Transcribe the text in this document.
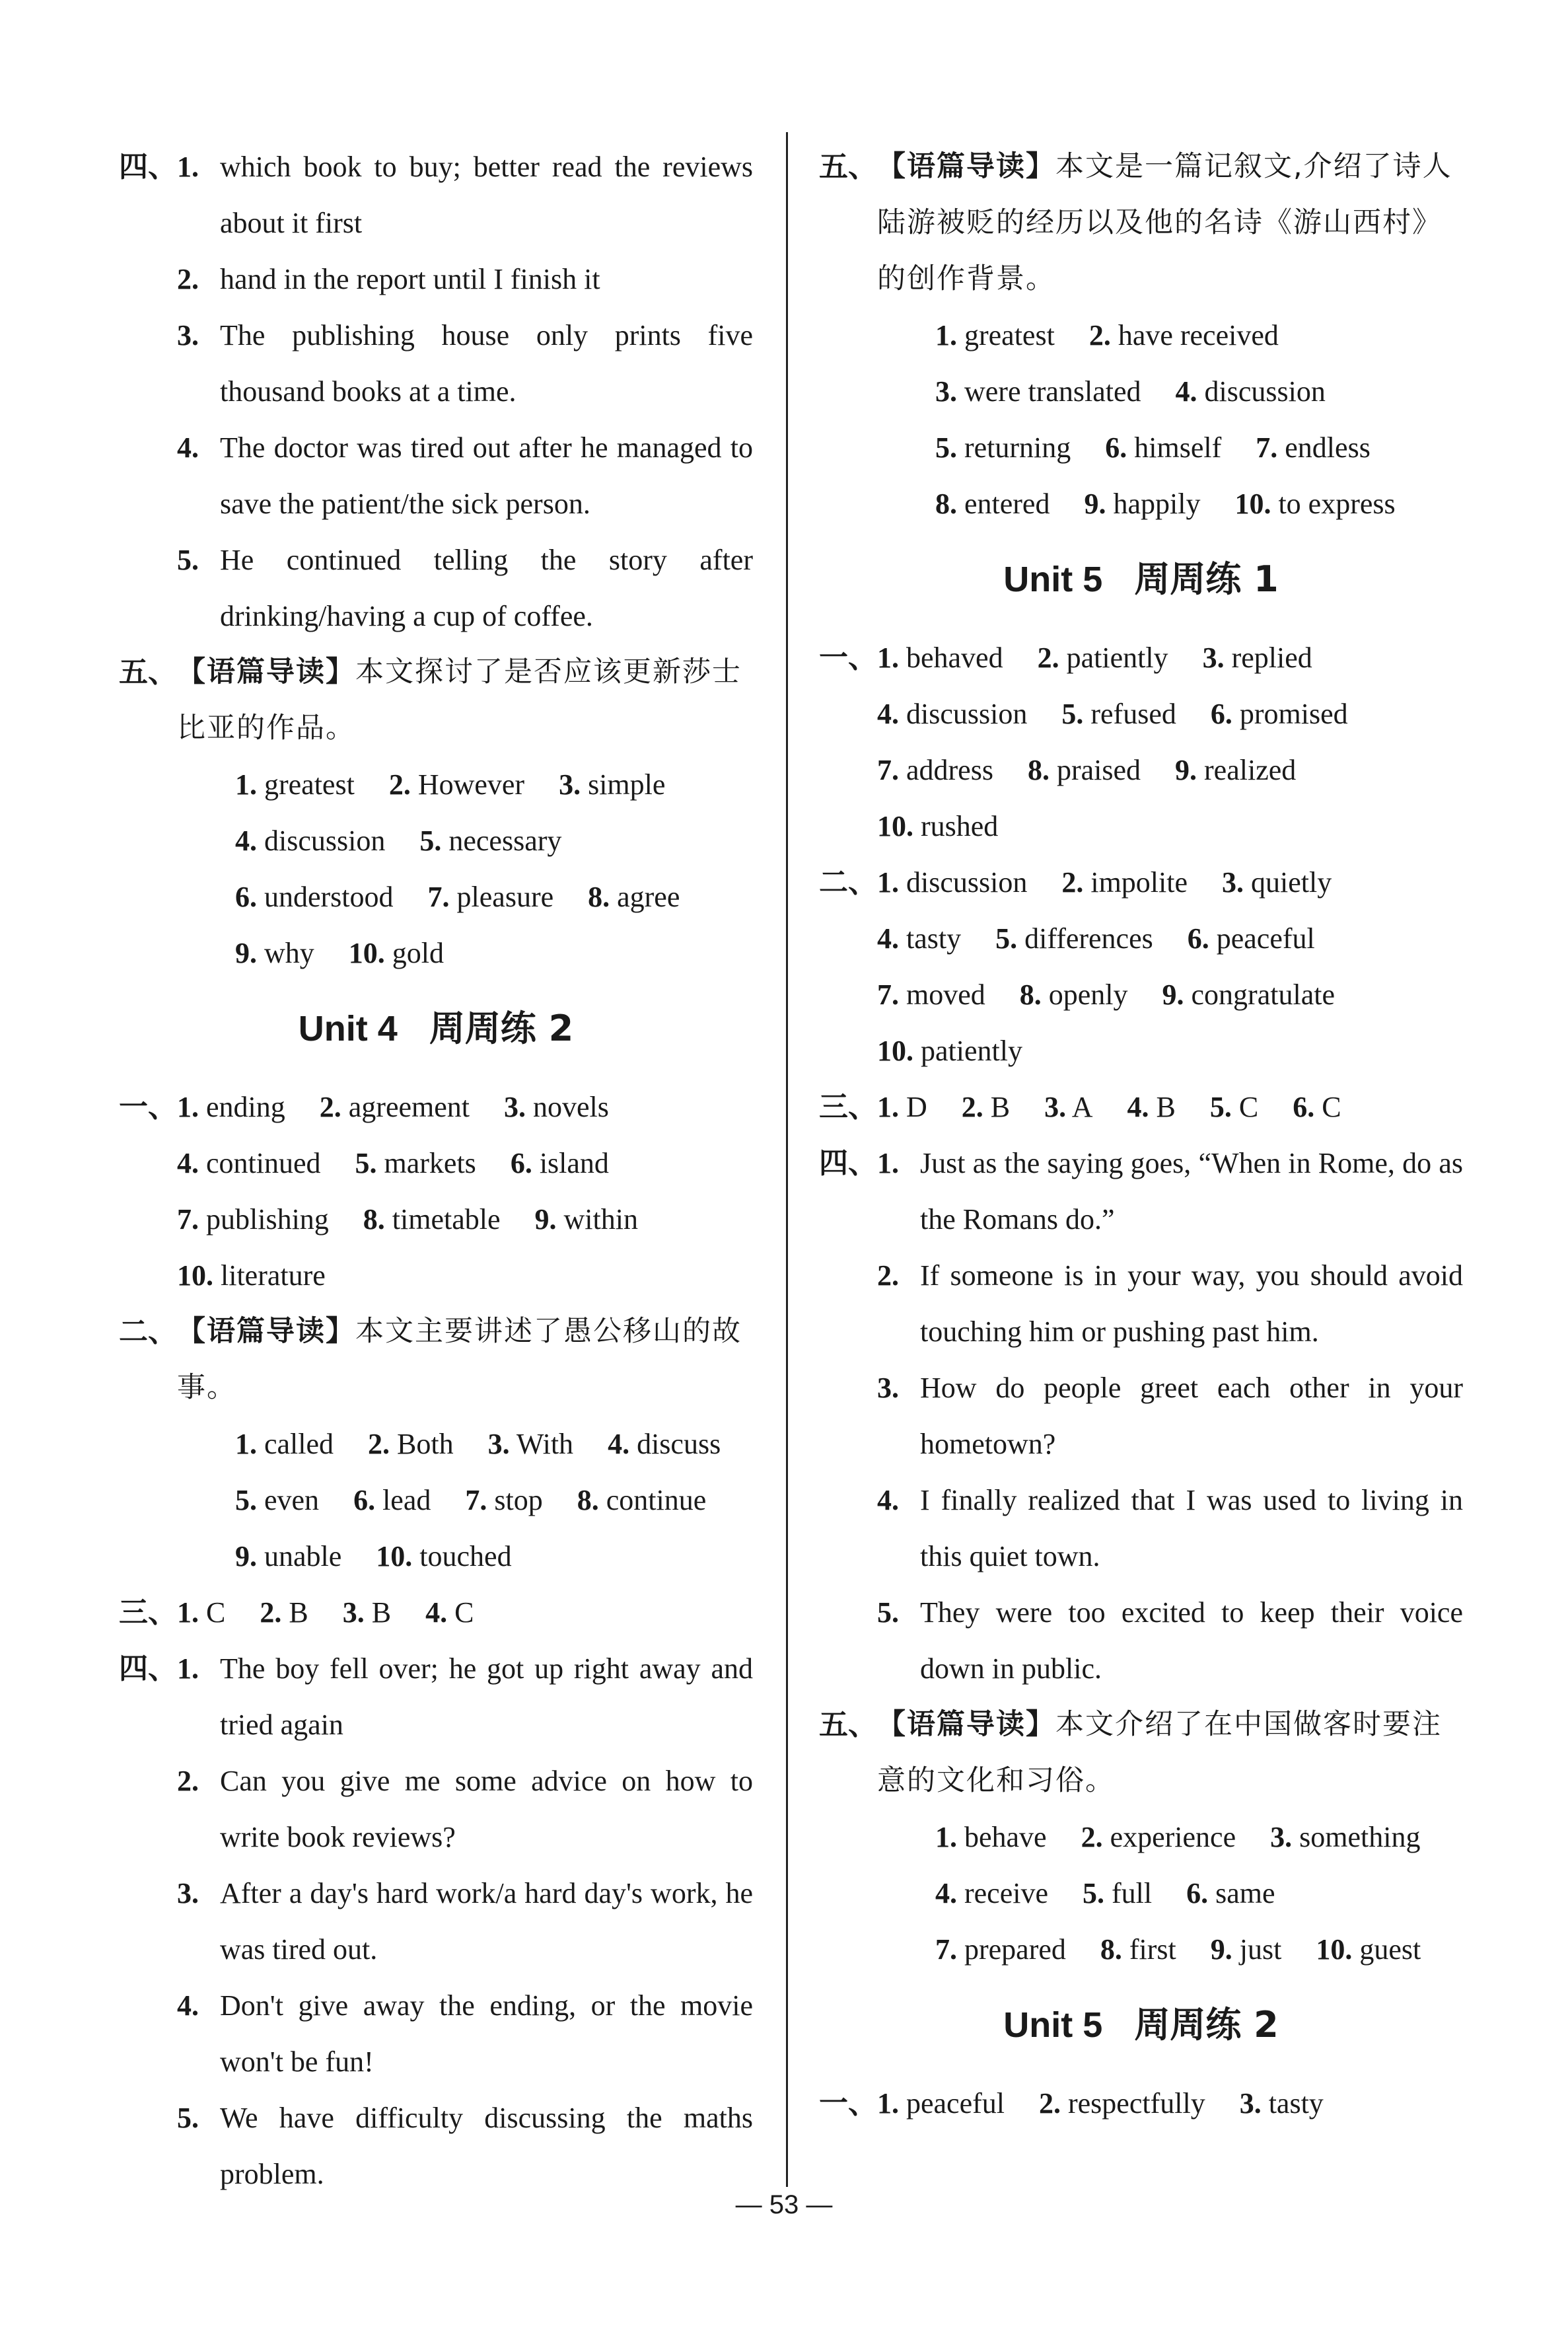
四、 1. which book to buy; better read the reviews about it first
2. hand in the report until I finish it
3. The publishing house only prints five thousand books at a time.
4. The doctor was tired out after he managed to save the patient/the sick person.
5. He continued telling the story after drinking/having a cup of coffee.
五、 【语篇导读】本文探讨了是否应该更新莎士比亚的作品。
1. greatest 2. However 3. simple
4. discussion 5. necessary
6. understood 7. pleasure 8. agree
9. why 10. gold
Unit 4 周周练 2
一、 1. ending 2. agreement 3. novels
4. continued 5. markets 6. island
7. publishing 8. timetable 9. within
10. literature
二、 【语篇导读】本文主要讲述了愚公移山的故事。
1. called 2. Both 3. With 4. discuss
5. even 6. lead 7. stop 8. continue
9. unable 10. touched
三、 1. C 2. B 3. B 4. C
四、 1. The boy fell over; he got up right away and tried again
2. Can you give me some advice on how to write book reviews?
3. After a day's hard work/a hard day's work, he was tired out.
4. Don't give away the ending, or the movie won't be fun!
5. We have difficulty discussing the maths problem.
五、 【语篇导读】本文是一篇记叙文,介绍了诗人陆游被贬的经历以及他的名诗《游山西村》的创作背景。
1. greatest 2. have received
3. were translated 4. discussion
5. returning 6. himself 7. endless
8. entered 9. happily 10. to express
Unit 5 周周练 1
一、 1. behaved 2. patiently 3. replied
4. discussion 5. refused 6. promised
7. address 8. praised 9. realized
10. rushed
二、 1. discussion 2. impolite 3. quietly
4. tasty 5. differences 6. peaceful
7. moved 8. openly 9. congratulate
10. patiently
三、 1. D 2. B 3. A 4. B 5. C 6. C
四、 1. Just as the saying goes, “When in Rome, do as the Romans do.”
2. If someone is in your way, you should avoid touching him or pushing past him.
3. How do people greet each other in your hometown?
4. I finally realized that I was used to living in this quiet town.
5. They were too excited to keep their voice down in public.
五、 【语篇导读】本文介绍了在中国做客时要注意的文化和习俗。
1. behave 2. experience 3. something
4. receive 5. full 6. same
7. prepared 8. first 9. just 10. guest
Unit 5 周周练 2
一、 1. peaceful 2. respectfully 3. tasty
— 53 —
